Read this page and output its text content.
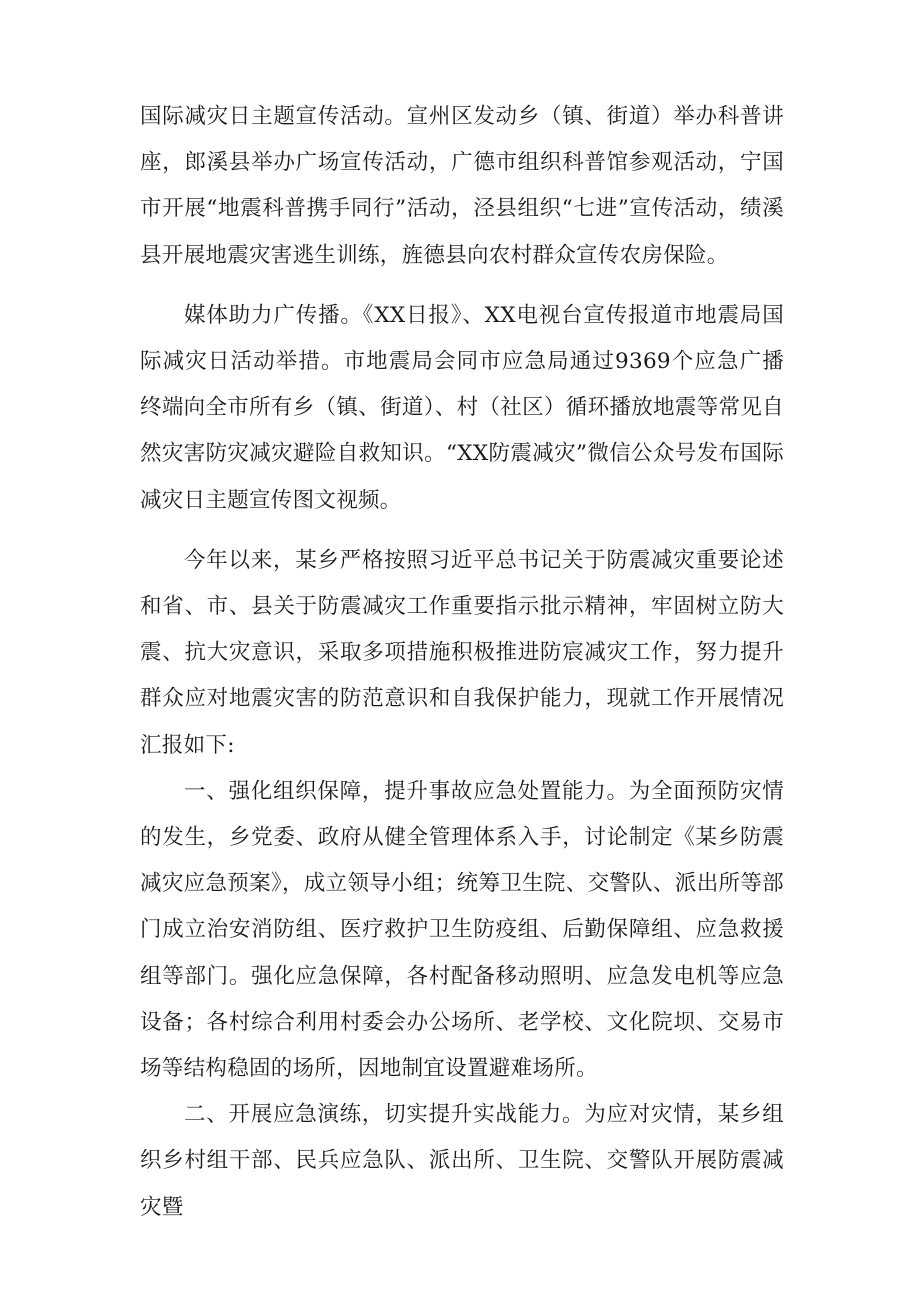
国际减灾日主题宣传活动。宣州区发动乡（镇、街道）举办科普讲座，郎溪县举办广场宣传活动，广德市组织科普馆参观活动，宁国市开展“地震科普携手同行”活动，泾县组织“七进”宣传活动，绩溪县开展地震灾害逃生训练，旌德县向农村群众宣传农房保险。

媒体助力广传播。《XX日报》、XX电视台宣传报道市地震局国际减灾日活动举措。市地震局会同市应急局通过9369个应急广播终端向全市所有乡（镇、街道）、村（社区）循环播放地震等常见自然灾害防灾减灾避险自救知识。“XX防震减灾”微信公众号发布国际减灾日主题宣传图文视频。

今年以来，某乡严格按照习近平总书记关于防震减灾重要论述和省、市、县关于防震减灾工作重要指示批示精神，牢固树立防大震、抗大灾意识，采取多项措施积极推进防宸减灾工作，努力提升群众应对地震灾害的防范意识和自我保护能力，现就工作开展情况汇报如下:

一、强化组织保障，提升事故应急处置能力。为全面预防灾情的发生，乡党委、政府从健全管理体系入手，讨论制定《某乡防震减灾应急预案》，成立领导小组；统筹卫生院、交警队、派出所等部门成立治安消防组、医疗救护卫生防疫组、后勤保障组、应急救援组等部门。强化应急保障，各村配备移动照明、应急发电机等应急设备；各村综合利用村委会办公场所、老学校、文化院坝、交易市场等结构稳固的场所，因地制宜设置避难场所。

二、开展应急演练，切实提升实战能力。为应对灾情，某乡组织乡村组干部、民兵应急队、派出所、卫生院、交警队开展防震减灾暨
